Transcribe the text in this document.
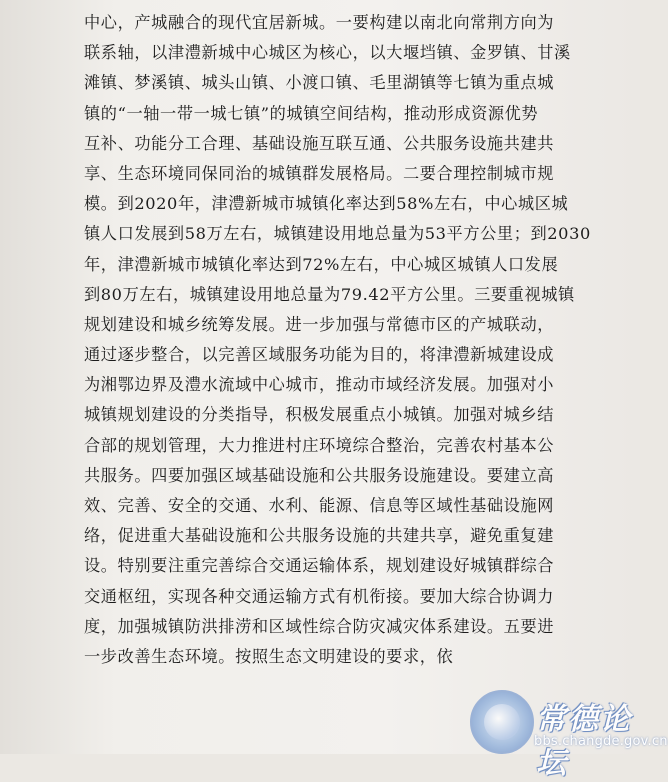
中心，产城融合的现代宜居新城。一要构建以南北向常荆方向为
联系轴，以津澧新城中心城区为核心，以大堰垱镇、金罗镇、甘溪
滩镇、梦溪镇、城头山镇、小渡口镇、毛里湖镇等七镇为重点城
镇的“一轴一带一城七镇”的城镇空间结构，推动形成资源优势
互补、功能分工合理、基础设施互联互通、公共服务设施共建共
享、生态环境同保同治的城镇群发展格局。二要合理控制城市规
模。到2020年，津澧新城市城镇化率达到58%左右，中心城区城
镇人口发展到58万左右，城镇建设用地总量为53平方公里；到2030
年，津澧新城市城镇化率达到72%左右，中心城区城镇人口发展
到80万左右，城镇建设用地总量为79.42平方公里。三要重视城镇
规划建设和城乡统筹发展。进一步加强与常德市区的产城联动，
通过逐步整合，以完善区域服务功能为目的，将津澧新城建设成
为湘鄂边界及澧水流域中心城市，推动市域经济发展。加强对小
城镇规划建设的分类指导，积极发展重点小城镇。加强对城乡结
合部的规划管理，大力推进村庄环境综合整治，完善农村基本公
共服务。四要加强区域基础设施和公共服务设施建设。要建立高
效、完善、安全的交通、水利、能源、信息等区域性基础设施网
络，促进重大基础设施和公共服务设施的共建共享，避免重复建
设。特别要注重完善综合交通运输体系，规划建设好城镇群综合
交通枢纽，实现各种交通运输方式有机衔接。要加大综合协调力
度，加强城镇防洪排涝和区域性综合防灾减灾体系建设。五要进
一步改善生态环境。按照生态文明建设的要求，依
常德论坛
bbs.changde.gov.cn
